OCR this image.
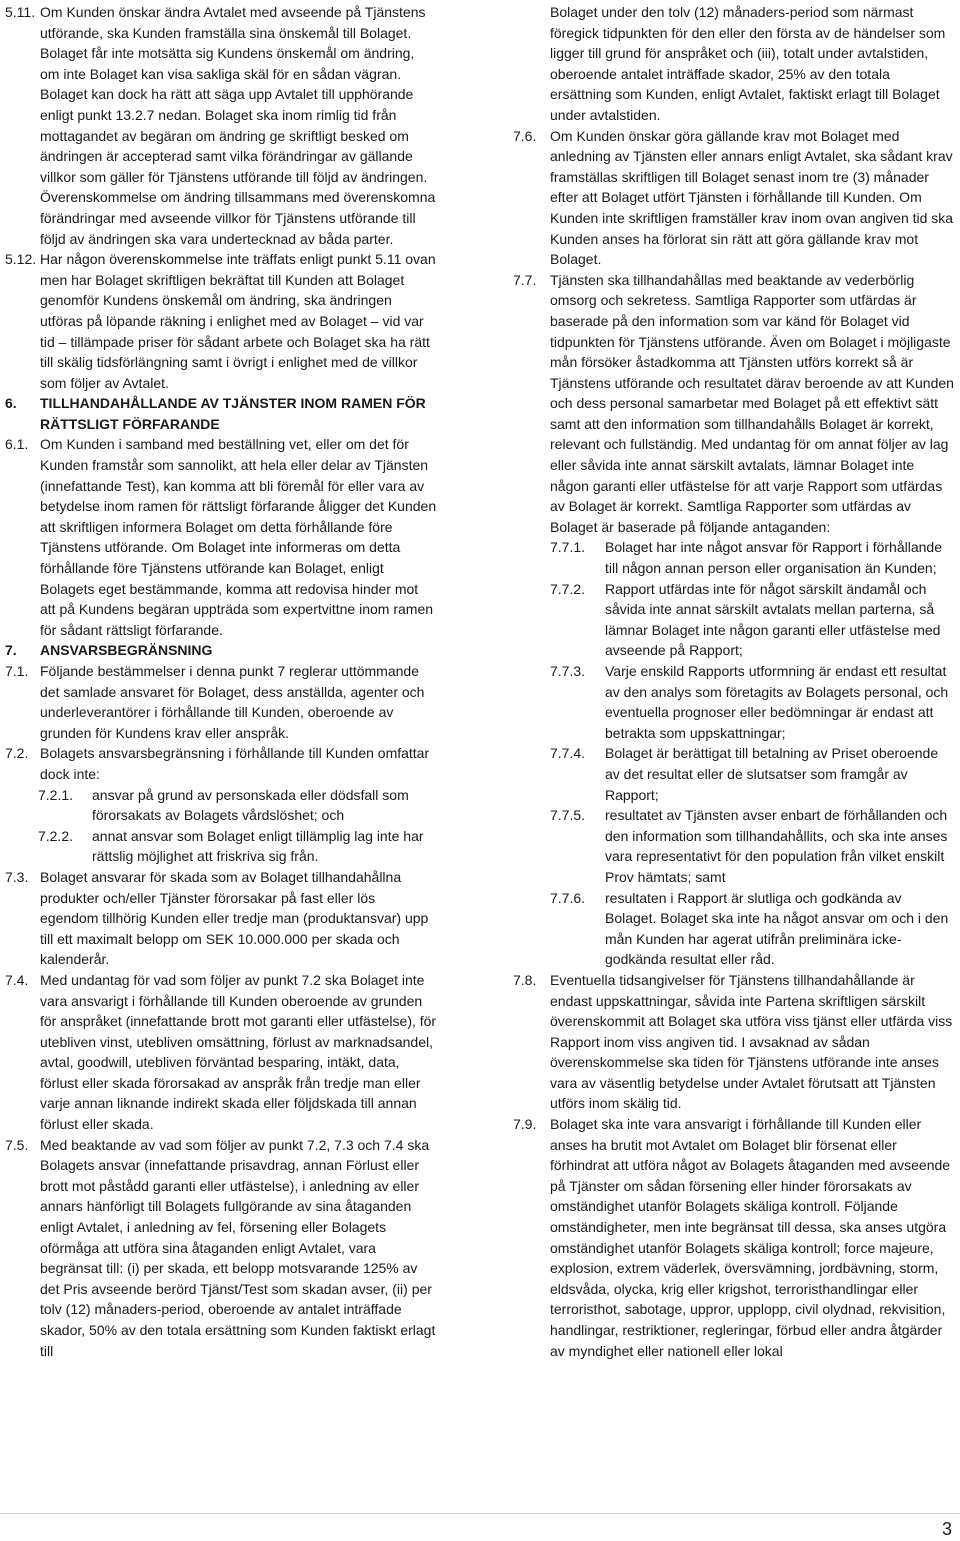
5.11. Om Kunden önskar ändra Avtalet med avseende på Tjänstens utförande, ska Kunden framställa sina önskemål till Bolaget. Bolaget får inte motsätta sig Kundens önskemål om ändring, om inte Bolaget kan visa sakliga skäl för en sådan vägran. Bolaget kan dock ha rätt att säga upp Avtalet till upphörande enligt punkt 13.2.7 nedan. Bolaget ska inom rimlig tid från mottagandet av begäran om ändring ge skriftligt besked om ändringen är accepterad samt vilka förändringar av gällande villkor som gäller för Tjänstens utförande till följd av ändringen. Överenskommelse om ändring tillsammans med överenskomna förändringar med avseende villkor för Tjänstens utförande till följd av ändringen ska vara undertecknad av båda parter.
5.12. Har någon överenskommelse inte träffats enligt punkt 5.11 ovan men har Bolaget skriftligen bekräftat till Kunden att Bolaget genomför Kundens önskemål om ändring, ska ändringen utföras på löpande räkning i enlighet med av Bolaget – vid var tid – tillämpade priser för sådant arbete och Bolaget ska ha rätt till skälig tidsförlängning samt i övrigt i enlighet med de villkor som följer av Avtalet.
6. TILLHANDAHÅLLANDE AV TJÄNSTER INOM RAMEN FÖR RÄTTSLIGT FÖRFARANDE
6.1. Om Kunden i samband med beställning vet, eller om det för Kunden framstår som sannolikt, att hela eller delar av Tjänsten (innefattande Test), kan komma att bli föremål för eller vara av betydelse inom ramen för rättsligt förfarande åligger det Kunden att skriftligen informera Bolaget om detta förhållande före Tjänstens utförande. Om Bolaget inte informeras om detta förhållande före Tjänstens utförande kan Bolaget, enligt Bolagets eget bestämmande, komma att redovisa hinder mot att på Kundens begäran uppträda som expertvittne inom ramen för sådant rättsligt förfarande.
7. ANSVARSBEGRÄNSNING
7.1. Följande bestämmelser i denna punkt 7 reglerar uttömmande det samlade ansvaret för Bolaget, dess anställda, agenter och underleverantörer i förhållande till Kunden, oberoende av grunden för Kundens krav eller anspråk.
7.2. Bolagets ansvarsbegränsning i förhållande till Kunden omfattar dock inte:
7.2.1. ansvar på grund av personskada eller dödsfall som förorsakats av Bolagets vårdslöshet; och
7.2.2. annat ansvar som Bolaget enligt tillämplig lag inte har rättslig möjlighet att friskriva sig från.
7.3. Bolaget ansvarar för skada som av Bolaget tillhandahållna produkter och/eller Tjänster förorsakar på fast eller lös egendom tillhörig Kunden eller tredje man (produktansvar) upp till ett maximalt belopp om SEK 10.000.000 per skada och kalenderår.
7.4. Med undantag för vad som följer av punkt 7.2 ska Bolaget inte vara ansvarigt i förhållande till Kunden oberoende av grunden för anspråket (innefattande brott mot garanti eller utfästelse), för utebliven vinst, utebliven omsättning, förlust av marknadsandel, avtal, goodwill, utebliven förväntad besparing, intäkt, data, förlust eller skada förorsakad av anspråk från tredje man eller varje annan liknande indirekt skada eller följdskada till annan förlust eller skada.
7.5. Med beaktande av vad som följer av punkt 7.2, 7.3 och 7.4 ska Bolagets ansvar (innefattande prisavdrag, annan Förlust eller brott mot påstådd garanti eller utfästelse), i anledning av eller annars hänförligt till Bolagets fullgörande av sina åtaganden enligt Avtalet, i anledning av fel, försening eller Bolagets oförmåga att utföra sina åtaganden enligt Avtalet, vara begränsat till: (i) per skada, ett belopp motsvarande 125% av det Pris avseende berörd Tjänst/Test som skadan avser, (ii) per tolv (12) månaders-period, oberoende av antalet inträffade skador, 50% av den totala ersättning som Kunden faktiskt erlagt till
Bolaget under den tolv (12) månaders-period som närmast föregick tidpunkten för den eller den första av de händelser som ligger till grund för anspråket och (iii), totalt under avtalstiden, oberoende antalet inträffade skador, 25% av den totala ersättning som Kunden, enligt Avtalet, faktiskt erlagt till Bolaget under avtalstiden.
7.6. Om Kunden önskar göra gällande krav mot Bolaget med anledning av Tjänsten eller annars enligt Avtalet, ska sådant krav framställas skriftligen till Bolaget senast inom tre (3) månader efter att Bolaget utfört Tjänsten i förhållande till Kunden. Om Kunden inte skriftligen framställer krav inom ovan angiven tid ska Kunden anses ha förlorat sin rätt att göra gällande krav mot Bolaget.
7.7. Tjänsten ska tillhandahållas med beaktande av vederbörlig omsorg och sekretess. Samtliga Rapporter som utfärdas är baserade på den information som var känd för Bolaget vid tidpunkten för Tjänstens utförande. Även om Bolaget i möjligaste mån försöker åstadkomma att Tjänsten utförs korrekt så är Tjänstens utförande och resultatet därav beroende av att Kunden och dess personal samarbetar med Bolaget på ett effektivt sätt samt att den information som tillhandahålls Bolaget är korrekt, relevant och fullständig. Med undantag för om annat följer av lag eller såvida inte annat särskilt avtalats, lämnar Bolaget inte någon garanti eller utfästelse för att varje Rapport som utfärdas av Bolaget är korrekt. Samtliga Rapporter som utfärdas av Bolaget är baserade på följande antaganden:
7.7.1. Bolaget har inte något ansvar för Rapport i förhållande till någon annan person eller organisation än Kunden;
7.7.2. Rapport utfärdas inte för något särskilt ändamål och såvida inte annat särskilt avtalats mellan parterna, så lämnar Bolaget inte någon garanti eller utfästelse med avseende på Rapport;
7.7.3. Varje enskild Rapports utformning är endast ett resultat av den analys som företagits av Bolagets personal, och eventuella prognoser eller bedömningar är endast att betrakta som uppskattningar;
7.7.4. Bolaget är berättigat till betalning av Priset oberoende av det resultat eller de slutsatser som framgår av Rapport;
7.7.5. resultatet av Tjänsten avser enbart de förhållanden och den information som tillhandahållits, och ska inte anses vara representativt för den population från vilket enskilt Prov hämtats; samt
7.7.6. resultaten i Rapport är slutliga och godkända av Bolaget. Bolaget ska inte ha något ansvar om och i den mån Kunden har agerat utifrån preliminära icke-godkända resultat eller råd.
7.8. Eventuella tidsangivelser för Tjänstens tillhandahållande är endast uppskattningar, såvida inte Partena skriftligen särskilt överenskommit att Bolaget ska utföra viss tjänst eller utfärda viss Rapport inom viss angiven tid. I avsaknad av sådan överenskommelse ska tiden för Tjänstens utförande inte anses vara av väsentlig betydelse under Avtalet förutsatt att Tjänsten utförs inom skälig tid.
7.9. Bolaget ska inte vara ansvarigt i förhållande till Kunden eller anses ha brutit mot Avtalet om Bolaget blir försenat eller förhindrat att utföra något av Bolagets åtaganden med avseende på Tjänster om sådan försening eller hinder förorsakats av omständighet utanför Bolagets skäliga kontroll. Följande omständigheter, men inte begränsat till dessa, ska anses utgöra omständighet utanför Bolagets skäliga kontroll; force majeure, explosion, extrem väderlek, översvämning, jordbävning, storm, eldsvåda, olycka, krig eller krigshot, terroristhandlingar eller terroristhot, sabotage, uppror, upplopp, civil olydnad, rekvisition, handlingar, restriktioner, regleringar, förbud eller andra åtgärder av myndighet eller nationell eller lokal
3
